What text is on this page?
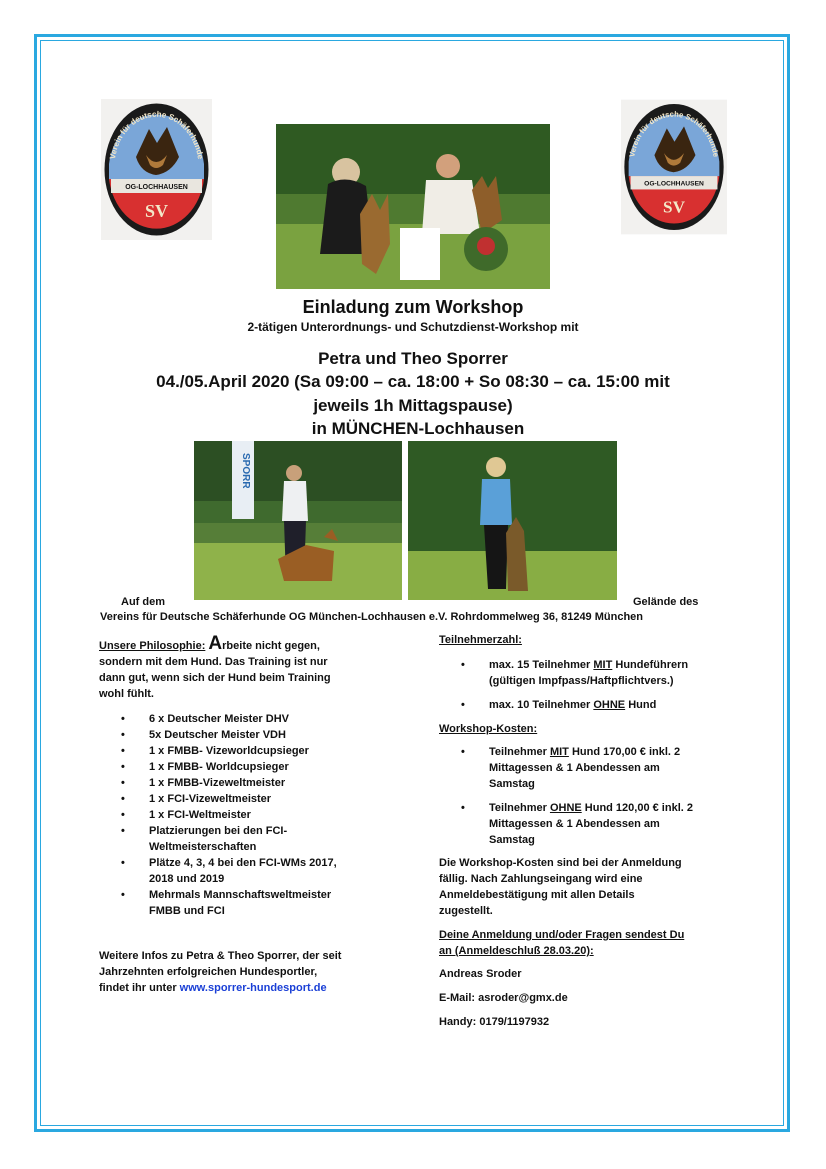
OG-LOCHHAUSEN
SV
Verein für deutsche Schäferhunde
OG-LOCHHAUSEN
SV
Verein für deutsche Schäferhunde
Einladung zum Workshop
2-tätigen Unterordnungs- und Schutzdienst-Workshop mit
Petra und Theo Sporrer
04./05.April 2020 (Sa 09:00 – ca. 18:00 + So 08:30 – ca. 15:00 mit
jeweils 1h Mittagspause)
in MÜNCHEN-Lochhausen
SPORR
Auf dem	Gelände des
Vereins für Deutsche Schäferhunde OG München-Lochhausen e.V. Rohrdommelweg 36, 81249 München
Unsere Philosophie: Arbeite nicht gegen,
sondern mit dem Hund. Das Training ist nur
dann gut, wenn sich der Hund beim Training
wohl fühlt.
• 6 x Deutscher Meister DHV
• 5x Deutscher Meister VDH
• 1 x FMBB- Vizeworldcupsieger
• 1 x FMBB- Worldcupsieger
• 1 x FMBB-Vizeweltmeister
• 1 x FCI-Vizeweltmeister
• 1 x FCI-Weltmeister
• Platzierungen bei den FCI-
Weltmeisterschaften
• Plätze 4, 3, 4 bei den FCI-WMs 2017,
2018 und 2019
• Mehrmals Mannschaftsweltmeister
FMBB und FCI
Weitere Infos zu Petra & Theo Sporrer, der seit
Jahrzehnten erfolgreichen Hundesportler,
findet ihr unter www.sporrer-hundesport.de
Teilnehmerzahl:
• max. 15 Teilnehmer MIT Hundeführern
(gültigen Impfpass/Haftpflichtvers.)
• max. 10 Teilnehmer OHNE Hund
Workshop-Kosten:
• Teilnehmer MIT Hund 170,00 € inkl. 2
Mittagessen & 1 Abendessen am
Samstag
• Teilnehmer OHNE Hund 120,00 € inkl. 2
Mittagessen & 1 Abendessen am
Samstag
Die Workshop-Kosten sind bei der Anmeldung
fällig. Nach Zahlungseingang wird eine
Anmeldebestätigung mit allen Details
zugestellt.
Deine Anmeldung und/oder Fragen sendest Du
an (Anmeldeschluß 28.03.20):
Andreas Sroder
E-Mail: asroder@gmx.de
Handy: 0179/1197932
